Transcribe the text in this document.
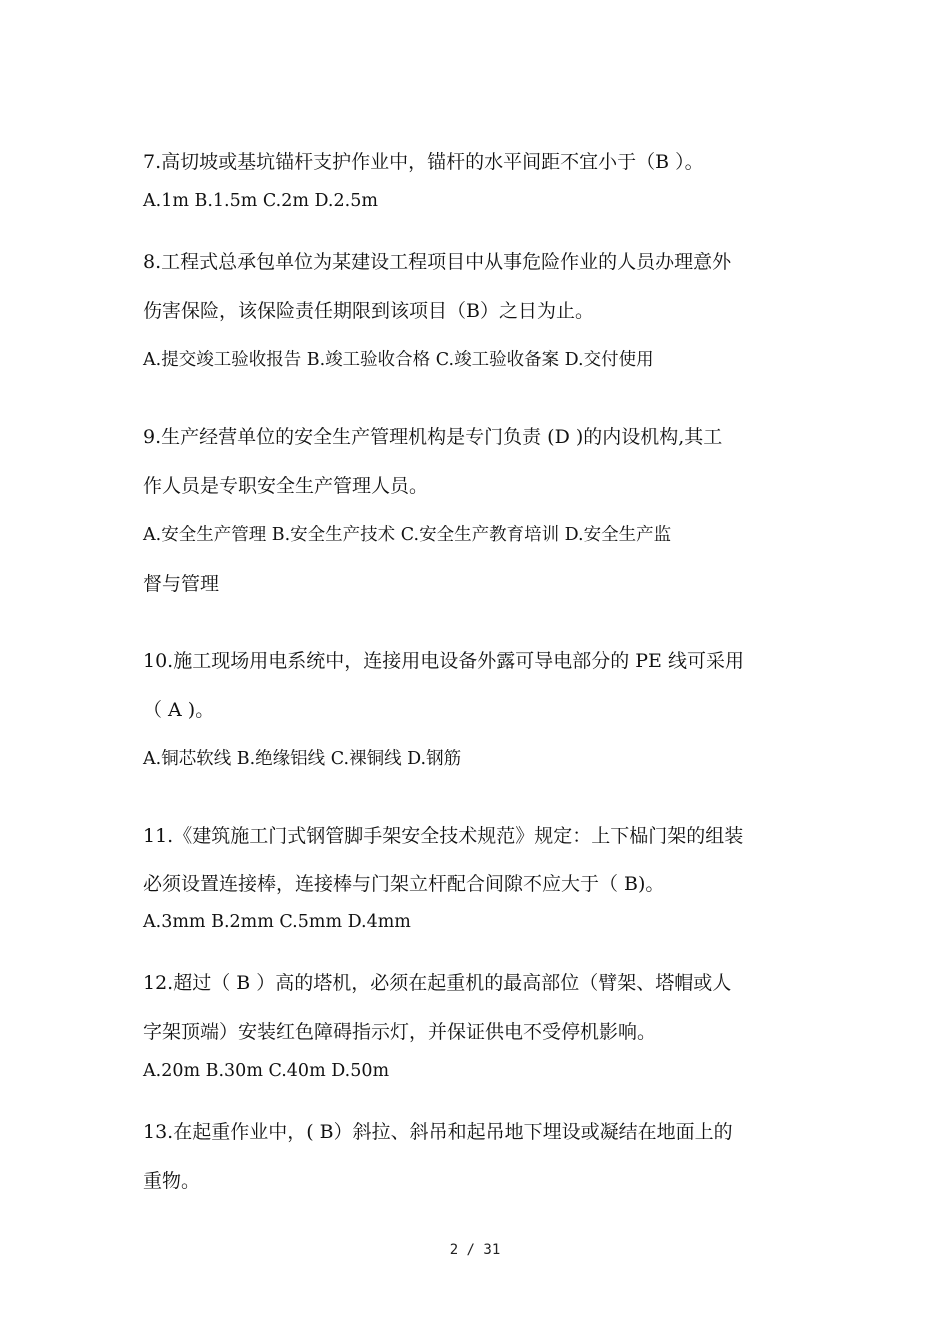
7.高切坡或基坑锚杆支护作业中，锚杆的水平间距不宜小于（B ）。
A.1m B.1.5m C.2m D.2.5m
8.工程式总承包单位为某建设工程项目中从事危险作业的人员办理意外
伤害保险，该保险责任期限到该项目（B）之日为止。
A.提交竣工验收报告 B.竣工验收合格 C.竣工验收备案 D.交付使用
9.生产经营单位的安全生产管理机构是专门负责 (D )的内设机构,其工
作人员是专职安全生产管理人员。
A.安全生产管理 B.安全生产技术 C.安全生产教育培训 D.安全生产监
督与管理
10.施工现场用电系统中，连接用电设备外露可导电部分的 PE 线可采用
（ A )。
A.铜芯软线 B.绝缘铝线 C.裸铜线 D.钢筋
11.《建筑施工门式钢管脚手架安全技术规范》规定：上下榀门架的组装
必须设置连接棒，连接棒与门架立杆配合间隙不应大于（ B)。
A.3mm B.2mm C.5mm D.4mm
12.超过（ B ）高的塔机，必须在起重机的最高部位（臂架、塔帽或人
字架顶端）安装红色障碍指示灯，并保证供电不受停机影响。
A.20m B.30m C.40m D.50m
13.在起重作业中，( B）斜拉、斜吊和起吊地下埋设或凝结在地面上的
重物。
2 / 31
